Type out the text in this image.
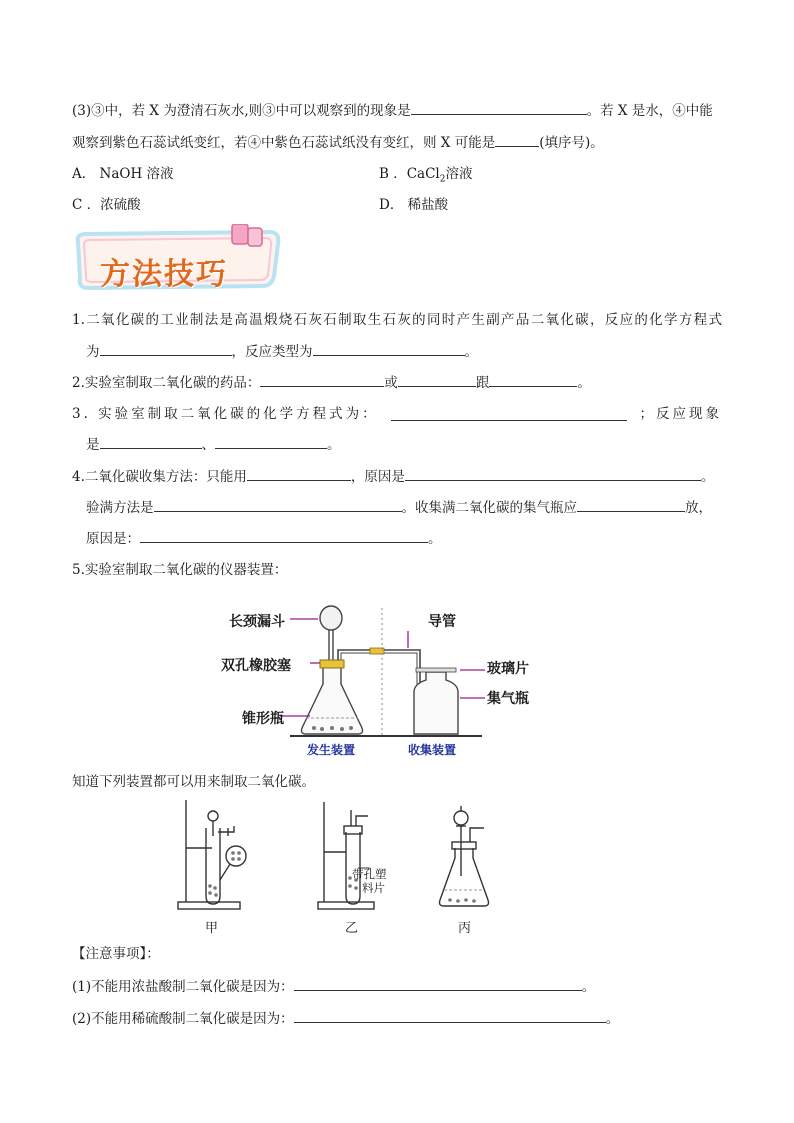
(3)③中，若 X 为澄清石灰水,则③中可以观察到的现象是	。若 X 是水，④中能
观察到紫色石蕊试纸变红，若④中紫色石蕊试纸没有变红，则 X 可能是	(填序号)。
A． NaOH 溶液	B ．CaCl$_2$溶液
C ．浓硫酸	D． 稀盐酸
方法技巧
1.二氧化碳的工业制法是高温煅烧石灰石制取生石灰的同时产生副产品二氧化碳，反应的化学方程式
为	，反应类型为	。
2.实验室制取二氧化碳的药品：	或	跟	。
3. 实验室制取二氧化碳的化学方程式为：	；反应现象
是	、	。
4.二氧化碳收集方法：只能用	，原因是	。
验满方法是	。收集满二氧化碳的集气瓶应	放，
原因是：	。
5.实验室制取二氧化碳的仪器装置：
长颈漏斗
双孔橡胶塞
锥形瓶
导管
玻璃片
集气瓶
发生装置	收集装置
知道下列装置都可以用来制取二氧化碳。
带孔塑
料片
甲	乙	丙
【注意事项】：
(1)不能用浓盐酸制二氧化碳是因为：	。
(2)不能用稀硫酸制二氧化碳是因为：	。
